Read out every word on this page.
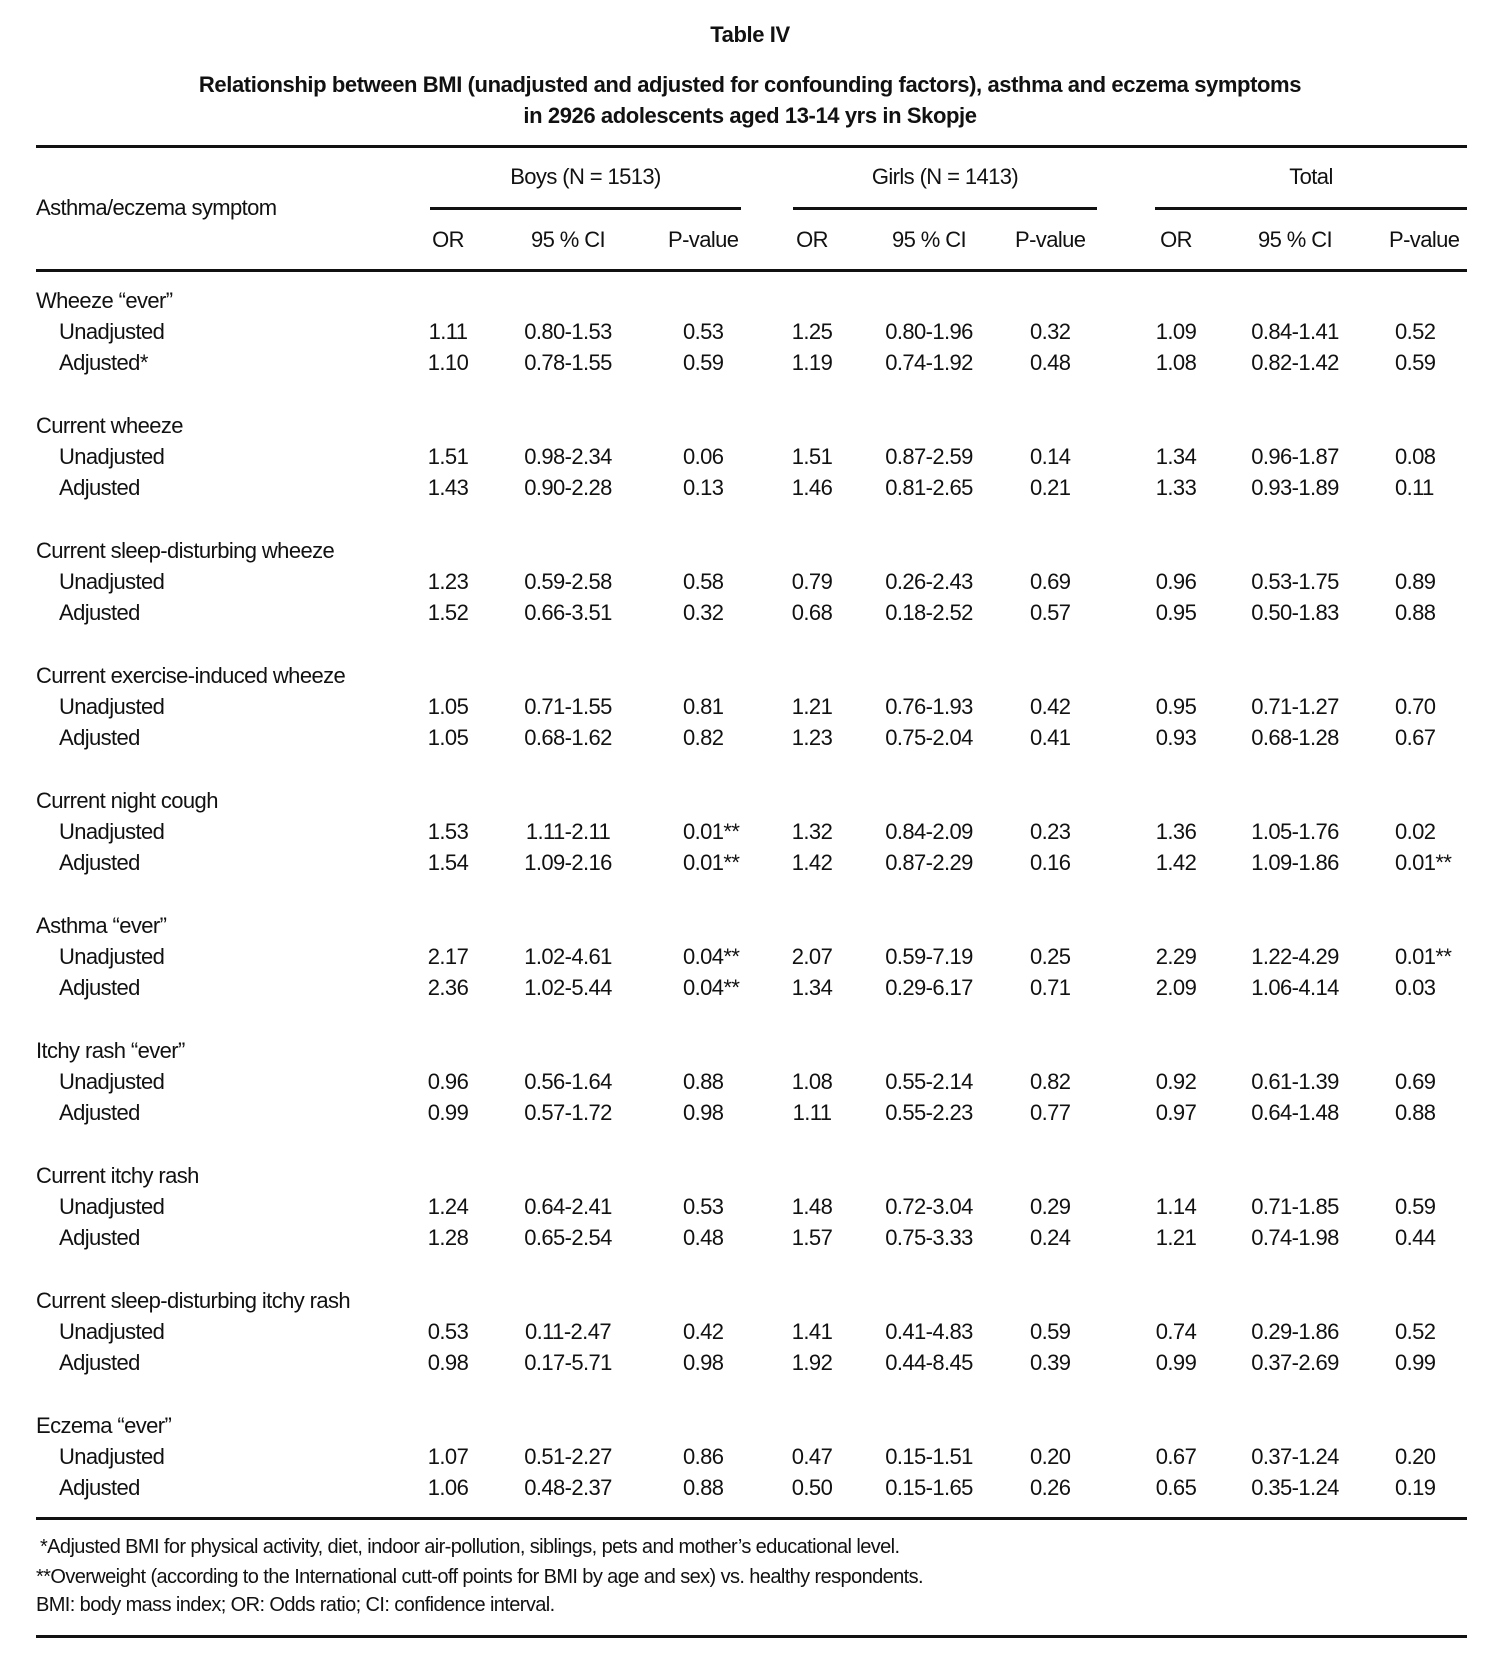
Table IV
Relationship between BMI (unadjusted and adjusted for confounding factors), asthma and eczema symptoms
in 2926 adolescents aged 13-14 yrs in Skopje
Asthma/eczema symptom
*Adjusted BMI for physical activity, diet, indoor air-pollution, siblings, pets and mother’s educational level.
**Overweight (according to the International cutt-off points for BMI by age and sex) vs. healthy respondents.
BMI: body mass index; OR: Odds ratio; CI: confidence interval.
Boys (N = 1513)
OR	95 % CI	P-value
Girls (N = 1413)
OR	95 % CI P-value
Total
OR	95 % CI	P-value
Wheeze “ever”
Unadjusted	1.11	0.80-1.53	0.53	1.25 0.80-1.96	0.32	1.09	0.84-1.41	0.52
Adjusted*	1.10	0.78-1.55	0.59	1.19 0.74-1.92	0.48	1.08	0.82-1.42	0.59
Current wheeze
Unadjusted	1.51	0.98-2.34	0.06	1.51 0.87-2.59	0.14	1.34	0.96-1.87	0.08
Adjusted	1.43	0.90-2.28	0.13	1.46 0.81-2.65	0.21	1.33	0.93-1.89	0.11
Current sleep-disturbing wheeze
Unadjusted	1.23	0.59-2.58	0.58	0.79 0.26-2.43	0.69	0.96	0.53-1.75	0.89
Adjusted	1.52	0.66-3.51	0.32	0.68 0.18-2.52	0.57	0.95	0.50-1.83	0.88
Current exercise-induced wheeze
Unadjusted	1.05	0.71-1.55	0.81	1.21 0.76-1.93	0.42	0.95	0.71-1.27	0.70
Adjusted	1.05	0.68-1.62	0.82	1.23 0.75-2.04	0.41	0.93	0.68-1.28	0.67
Current night cough
Unadjusted	1.53	1.11-2.11	0.01** 1.32 0.84-2.09	0.23	1.36	1.05-1.76	0.02
Adjusted	1.54	1.09-2.16	0.01** 1.42 0.87-2.29	0.16	1.42	1.09-1.86	0.01**
Asthma “ever”
Unadjusted	2.17	1.02-4.61	0.04** 2.07 0.59-7.19	0.25	2.29	1.22-4.29	0.01**
Adjusted	2.36	1.02-5.44	0.04** 1.34 0.29-6.17	0.71	2.09	1.06-4.14	0.03
Itchy rash “ever”
Unadjusted	0.96	0.56-1.64	0.88	1.08 0.55-2.14	0.82	0.92	0.61-1.39	0.69
Adjusted	0.99	0.57-1.72	0.98	1.11 0.55-2.23	0.77	0.97	0.64-1.48	0.88
Current itchy rash
Unadjusted	1.24	0.64-2.41	0.53	1.48 0.72-3.04	0.29	1.14	0.71-1.85	0.59
Adjusted	1.28	0.65-2.54	0.48	1.57 0.75-3.33	0.24	1.21	0.74-1.98	0.44
Current sleep-disturbing itchy rash
Unadjusted	0.53	0.11-2.47	0.42	1.41 0.41-4.83	0.59	0.74	0.29-1.86	0.52
Adjusted	0.98	0.17-5.71	0.98	1.92 0.44-8.45	0.39	0.99	0.37-2.69	0.99
Eczema “ever”
Unadjusted	1.07	0.51-2.27	0.86	0.47 0.15-1.51	0.20	0.67	0.37-1.24	0.20
Adjusted	1.06	0.48-2.37	0.88	0.50 0.15-1.65	0.26	0.65	0.35-1.24	0.19
